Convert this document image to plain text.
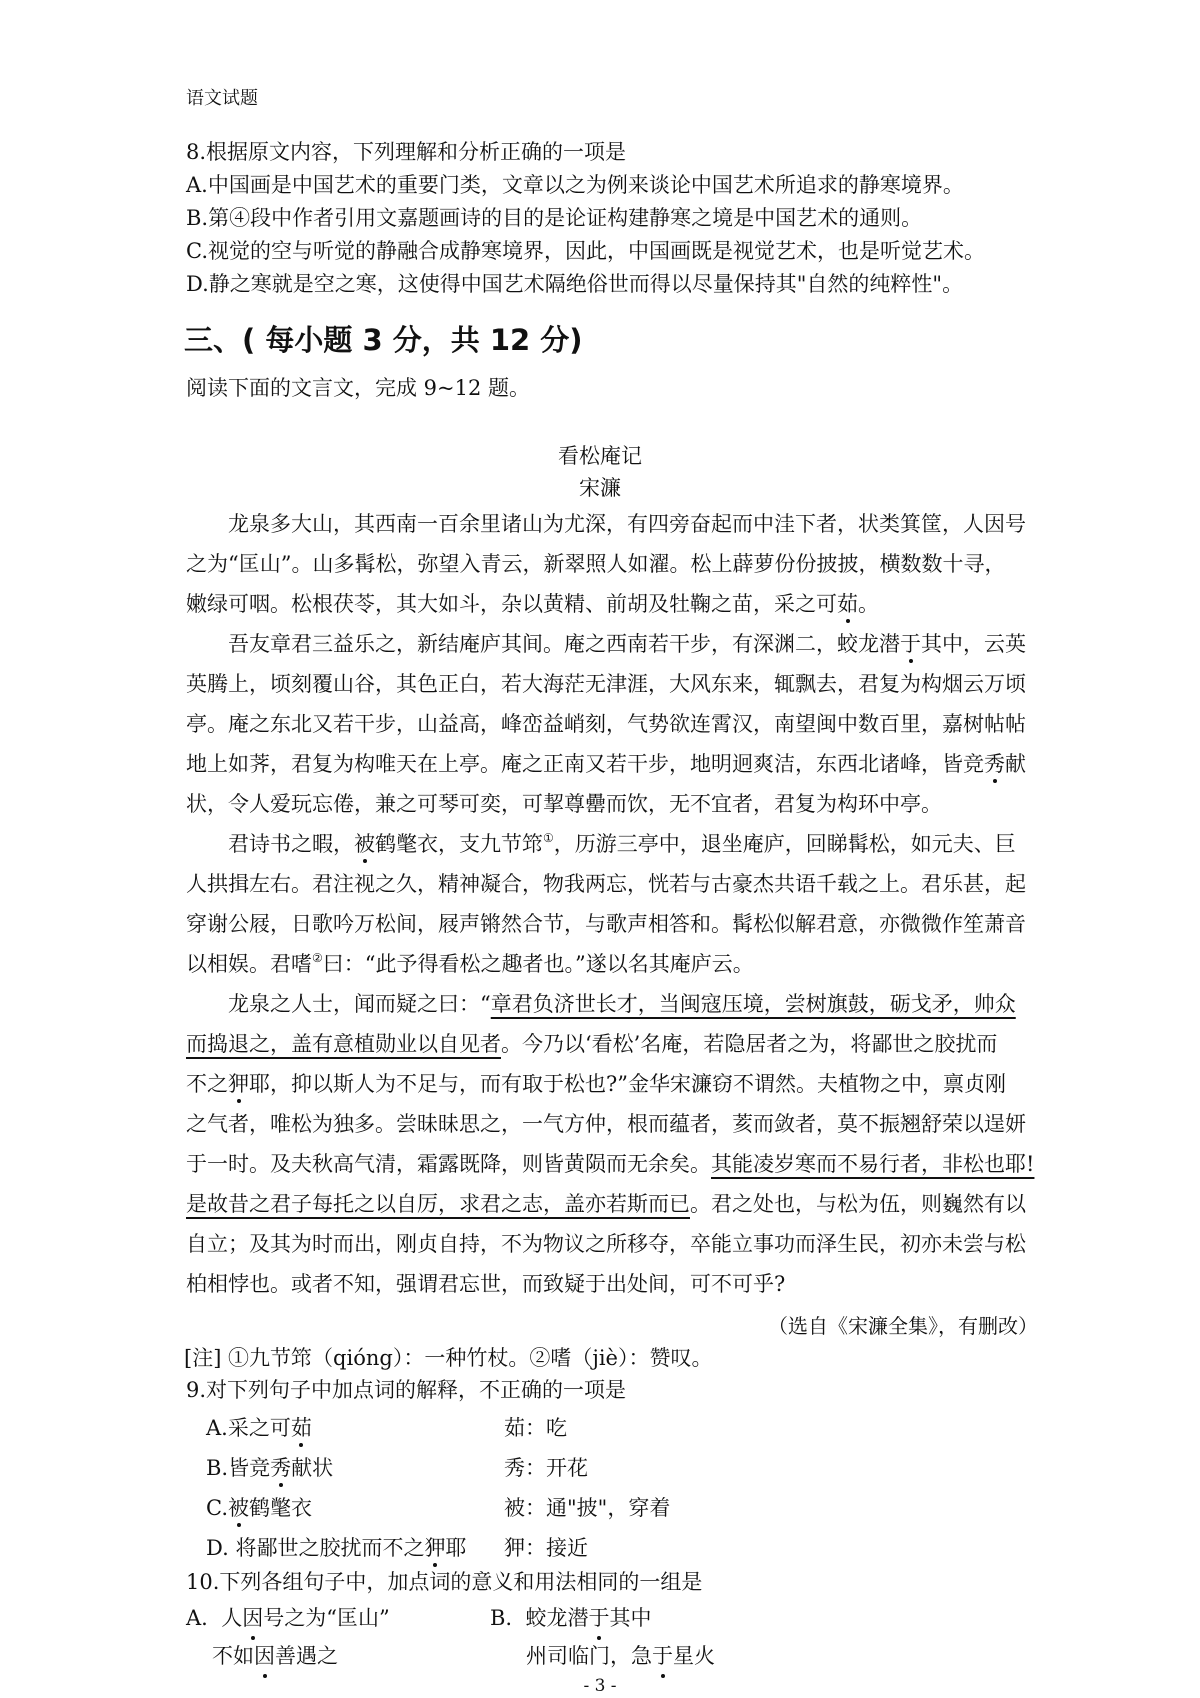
语文试题
8.根据原文内容，下列理解和分析正确的一项是
A.中国画是中国艺术的重要门类，文章以之为例来谈论中国艺术所追求的静寒境界。
B.第④段中作者引用文嘉题画诗的目的是论证构建静寒之境是中国艺术的通则。
C.视觉的空与听觉的静融合成静寒境界，因此，中国画既是视觉艺术，也是听觉艺术。
D.静之寒就是空之寒，这使得中国艺术隔绝俗世而得以尽量保持其"自然的纯粹性"。
三、( 每小题 3 分，共 12 分)
阅读下面的文言文，完成 9~12 题。
看松庵记
宋濂
　　龙泉多大山，其西南一百余里诸山为尤深，有四旁奋起而中洼下者，状类箕筐，人因号
之为“匡山”。山多髯松，弥望入青云，新翠照人如濯。松上薜萝份份披披，横数数十寻，
嫩绿可咽。松根茯苓，其大如斗，杂以黄精、前胡及牡鞠之苗，采之可茹。
　　吾友章君三益乐之，新结庵庐其间。庵之西南若干步，有深渊二，蛟龙潜于其中，云英
英腾上，顷刻覆山谷，其色正白，若大海茫无津涯，大风东来，辄飘去，君复为构烟云万顷
亭。庵之东北又若干步，山益高，峰峦益峭刻，气势欲连霄汉，南望闽中数百里，嘉树帖帖
地上如荠，君复为构唯天在上亭。庵之正南又若干步，地明迥爽洁，东西北诸峰，皆竞秀献
状，令人爱玩忘倦，兼之可琴可奕，可挈尊罍而饮，无不宜者，君复为构环中亭。
　　君诗书之暇，被鹤氅衣，支九节筇①，历游三亭中，退坐庵庐，回睇髯松，如元夫、巨
人拱揖左右。君注视之久，精神凝合，物我两忘，恍若与古豪杰共语千载之上。君乐甚，起
穿谢公屐，日歌吟万松间，屐声锵然合节，与歌声相答和。髯松似解君意，亦微微作笙萧音
以相娱。君嗜②曰：“此予得看松之趣者也。”遂以名其庵庐云。
　　龙泉之人士，闻而疑之曰：“章君负济世长才，当闽寇压境，尝树旗鼓，砺戈矛，帅众
而捣退之，盖有意植勋业以自见者。今乃以‘看松’名庵，若隐居者之为，将鄙世之胶扰而
不之狎耶，抑以斯人为不足与，而有取于松也?”金华宋濂窃不谓然。夫植物之中，禀贞刚
之气者，唯松为独多。尝昧昧思之，一气方仲，根而蕴者，荄而敛者，莫不振翘舒荣以逞妍
于一时。及夫秋高气清，霜露既降，则皆黄陨而无余矣。其能凌岁寒而不易行者，非松也耶!
是故昔之君子每托之以自厉，求君之志，盖亦若斯而已。君之处也，与松为伍，则巍然有以
自立；及其为时而出，刚贞自持，不为物议之所移夺，卒能立事功而泽生民，初亦未尝与松
柏相悖也。或者不知，强谓君忘世，而致疑于出处间，可不可乎?
（选自《宋濂全集》，有删改）
[注] ①九节筇（qióng）：一种竹杖。②嗜（jiè）：赞叹。
9.对下列句子中加点词的解释，不正确的一项是
A.采之可茹	茹：吃
B.皆竞秀献状	秀：开花
C.被鹤氅衣	被：通"披"，穿着
D. 将鄙世之胶扰而不之狎耶 狎：接近
10.下列各组句子中，加点词的意义和用法相同的一组是
- 3 -
A. 人因号之为“匡山”	B. 蛟龙潜于其中
不如因善遇之	州司临门，急于星火
